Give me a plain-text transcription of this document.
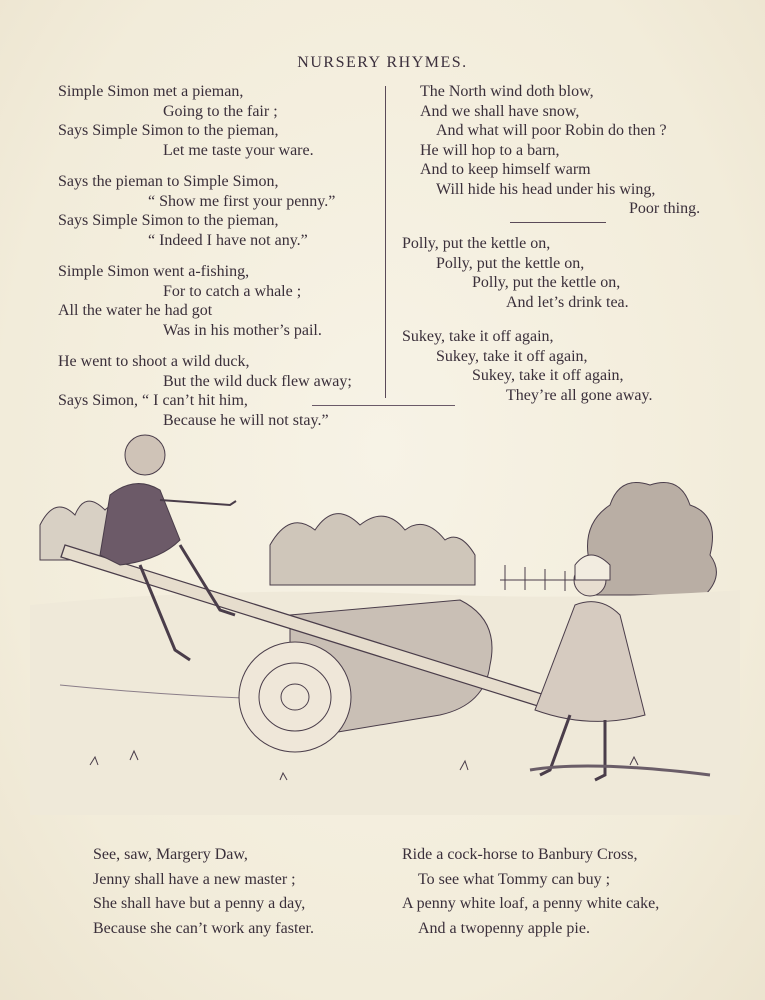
NURSERY RHYMES.
Simple Simon met a pieman,
Going to the fair ;
Says Simple Simon to the pieman,
Let me taste your ware.
Says the pieman to Simple Simon,
“ Show me first your penny.”
Says Simple Simon to the pieman,
“ Indeed I have not any.”
Simple Simon went a-fishing,
For to catch a whale ;
All the water he had got
Was in his mother’s pail.
He went to shoot a wild duck,
But the wild duck flew away;
Says Simon, “ I can’t hit him,
Because he will not stay.”
The North wind doth blow,
And we shall have snow,
And what will poor Robin do then ?
He will hop to a barn,
And to keep himself warm
Will hide his head under his wing,
Poor thing.
Polly, put the kettle on,
Polly, put the kettle on,
Polly, put the kettle on,
And let’s drink tea.
Sukey, take it off again,
Sukey, take it off again,
Sukey, take it off again,
They’re all gone away.
See, saw, Margery Daw,
Jenny shall have a new master ;
She shall have but a penny a day,
Because she can’t work any faster.
Ride a cock-horse to Banbury Cross,
To see what Tommy can buy ;
A penny white loaf, a penny white cake,
And a twopenny apple pie.
